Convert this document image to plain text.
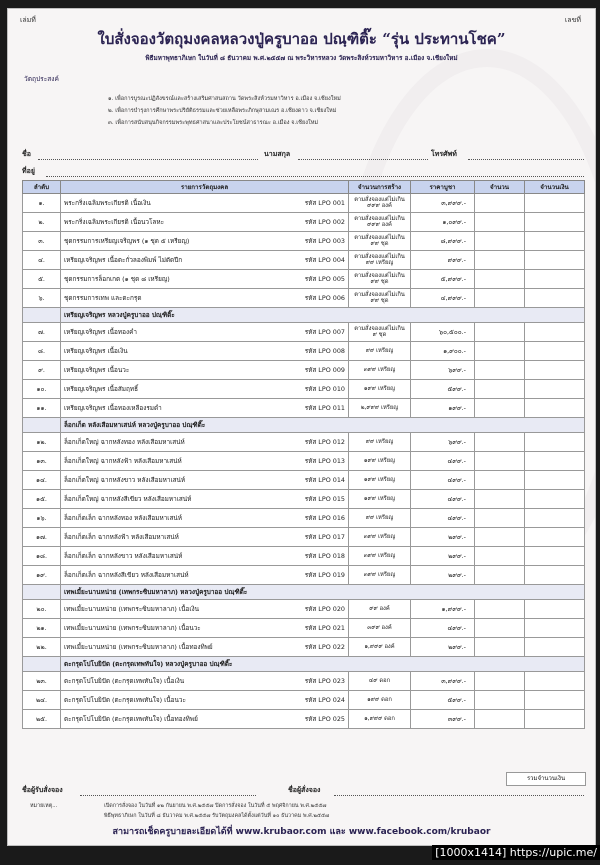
เล่มที่	เลขที่
ใบสั่งจองวัตถุมงคลหลวงปู่ครูบาออ ปณฺฑิติ๊ะ “รุ่น ประทานโชค”
พิธีมหาพุทธาภิเษก ในวันที่ ๘ ธันวาคม พ.ศ.๒๕๕๗ ณ พระวิหารหลวง วัดพระสิงห์วรมหาวิหาร อ.เมือง จ.เชียงใหม่
วัตถุประสงค์
๑. เพื่อการบูรณะปฏิสังขรณ์และสร้างเสริมศาสนสถาน วัดพระสิงห์วรมหาวิหาร อ.เมือง จ.เชียงใหม่
๒. เพื่อการบำรุงการศึกษาพระปริยัติธรรมและช่วยเหลือพระภิกษุสามเณร อ.เชียงดาว จ.เชียงใหม่
๓. เพื่อการสนับสนุนกิจกรรมพระพุทธศาสนาและประโยชน์สาธารณะ อ.เมือง จ.เชียงใหม่
ชื่อ	นามสกุล	โทรศัพท์
ที่อยู่
ลำดับ	รายการวัตถุมงคล	จำนวนการสร้าง	ราคาบูชา	จำนวน	จำนวนเงิน
๑.	พระกริ่งเฉลิมพระเกียรติ เนื้อเงิน รหัส LPO 001	ตามสั่งจองแต่ไม่เกิน ๙๙๙ องค์	๓,๙๙๙.-		
๒.	พระกริ่งเฉลิมพระเกียรติ เนื้อนวโลหะ รหัส LPO 002	ตามสั่งจองแต่ไม่เกิน ๙๙๙ องค์	๑,๐๙๙.-		
๓.	ชุดกรรมการเหรียญเจริญพร (๑ ชุด ๕ เหรียญ) รหัส LPO 003	ตามสั่งจองแต่ไม่เกิน ๙๙ ชุด	๘,๙๙๙.-		
๔.	เหรียญเจริญพร เนื้อตะกั่วลองพิมพ์ ไม่ตัดปีก รหัส LPO 004	ตามสั่งจองแต่ไม่เกิน ๙๙ เหรียญ	๙๙๙.-		
๕.	ชุดกรรมการล็อกเกต (๑ ชุด ๘ เหรียญ) รหัส LPO 005	ตามสั่งจองแต่ไม่เกิน ๙๙ ชุด	๕,๙๙๙.-		
๖.	ชุดกรรมการเทพ และตะกรุด รหัส LPO 006	ตามสั่งจองแต่ไม่เกิน ๙๙ ชุด	๔,๙๙๙.-		
	เหรียญเจริญพร หลวงปู่ครูบาออ ปณฺฑิติ๊ะ				
๗.	เหรียญเจริญพร เนื้อทองคำ รหัส LPO 007	ตามสั่งจองแต่ไม่เกิน ๙ ชุด	๖๐,๕๐๐.-		
๘.	เหรียญเจริญพร เนื้อเงิน รหัส LPO 008	๙๙ เหรียญ	๑,๙๐๐.-		
๙.	เหรียญเจริญพร เนื้อนวะ รหัส LPO 009	๓๙๙ เหรียญ	๖๙๙.-		
๑๐.	เหรียญเจริญพร เนื้อสัมฤทธิ์ รหัส LPO 010	๑๙๙ เหรียญ	๕๙๙.-		
๑๑.	เหรียญเจริญพร เนื้อทองเหลืองรมดำ รหัส LPO 011	๒,๙๙๙ เหรียญ	๑๙๙.-		
	ล็อกเก็ต หลังเสือมหาเสน่ห์ หลวงปู่ครูบาออ ปณฺฑิติ๊ะ				
๑๒.	ล็อกเก็ตใหญ่ ฉากหลังทอง หลังเสือมหาเสน่ห์ รหัส LPO 012	๙๙ เหรียญ	๖๙๙.-		
๑๓.	ล็อกเก็ตใหญ่ ฉากหลังฟ้า หลังเสือมหาเสน่ห์ รหัส LPO 013	๑๙๙ เหรียญ	๔๙๙.-		
๑๔.	ล็อกเก็ตใหญ่ ฉากหลังขาว หลังเสือมหาเสน่ห์ รหัส LPO 014	๑๙๙ เหรียญ	๔๙๙.-		
๑๕.	ล็อกเก็ตใหญ่ ฉากหลังสีเขียว หลังเสือมหาเสน่ห์ รหัส LPO 015	๑๙๙ เหรียญ	๔๙๙.-		
๑๖.	ล็อกเก็ตเล็ก ฉากหลังทอง หลังเสือมหาเสน่ห์ รหัส LPO 016	๙๙ เหรียญ	๔๙๙.-		
๑๗.	ล็อกเก็ตเล็ก ฉากหลังฟ้า หลังเสือมหาเสน่ห์ รหัส LPO 017	๓๙๙ เหรียญ	๒๙๙.-		
๑๘.	ล็อกเก็ตเล็ก ฉากหลังขาว หลังเสือมหาเสน่ห์ รหัส LPO 018	๓๙๙ เหรียญ	๒๙๙.-		
๑๙.	ล็อกเก็ตเล็ก ฉากหลังสีเขียว หลังเสือมหาเสน่ห์ รหัส LPO 019	๓๙๙ เหรียญ	๒๙๙.-		
	เทพเมี้ยะนานหน่าย (เทพกระซิบมหาลาภ) หลวงปู่ครูบาออ ปณฺฑิติ๊ะ				
๒๐.	เทพเมี้ยะนานหน่าย (เทพกระซิบมหาลาภ) เนื้อเงิน รหัส LPO 020	๙๙ องค์	๑,๙๙๙.-		
๒๑.	เทพเมี้ยะนานหน่าย (เทพกระซิบมหาลาภ) เนื้อนวะ รหัส LPO 021	๓๙๙ องค์	๔๙๙.-		
๒๒.	เทพเมี้ยะนานหน่าย (เทพกระซิบมหาลาภ) เนื้อทองทิพย์ รหัส LPO 022	๑,๙๙๙ องค์	๒๙๙.-		
	ตะกรุดโปโบยิปัด (ตะกรุดเทพทันใจ) หลวงปู่ครูบาออ ปณฺฑิติ๊ะ				
๒๓.	ตะกรุดโปโบยิปัด (ตะกรุดเทพทันใจ) เนื้อเงิน รหัส LPO 023	๔๙ ดอก	๓,๙๙๙.-		
๒๔.	ตะกรุดโปโบยิปัด (ตะกรุดเทพทันใจ) เนื้อนวะ รหัส LPO 024	๑๙๙ ดอก	๕๙๙.-		
๒๕.	ตะกรุดโปโบยิปัด (ตะกรุดเทพทันใจ) เนื้อทองทิพย์ รหัส LPO 025	๑,๙๙๙ ดอก	๓๙๙.-		
รวมจำนวนเงิน
ชื่อผู้รับสั่งจอง	ชื่อผู้สั่งจอง
หมายเหตุ...	เปิดการสั่งจอง ในวันที่ ๑๒ กันยายน พ.ศ.๒๕๕๗ ปิดการสั่งจอง ในวันที่ ๕ พฤศจิกายน พ.ศ.๒๕๕๗
พิธีพุทธาภิเษก ในวันที่ ๘ ธันวาคม พ.ศ.๒๕๕๗ รับวัตถุมงคลได้ตั้งแต่วันที่ ๑๐ ธันวาคม พ.ศ.๒๕๕๗
สามารถเช็ดครูบายละเอียดได้ที่ www.krubaor.com และ www.facebook.com/krubaor
[1000x1414] https://upic.me/
